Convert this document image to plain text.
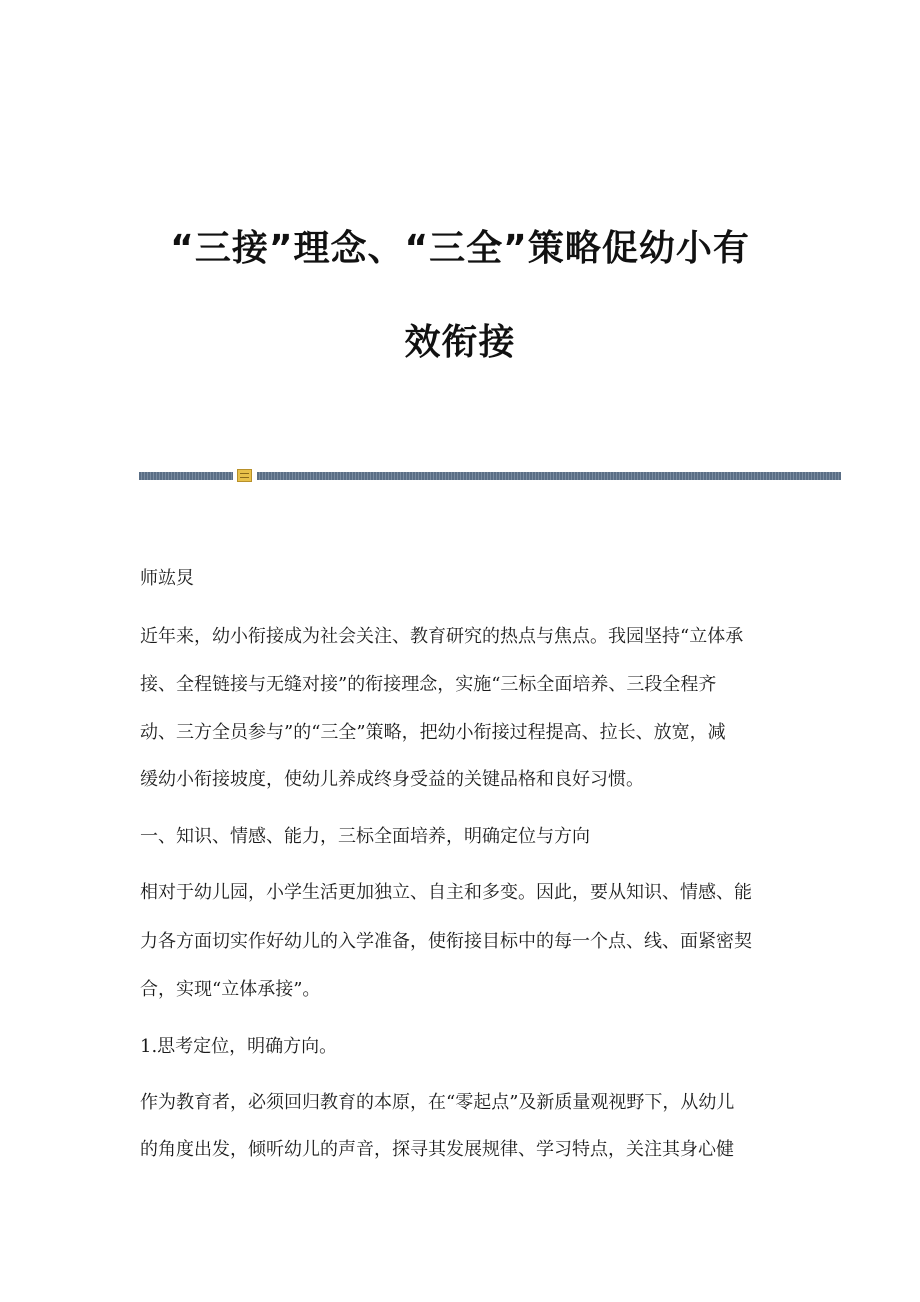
“三接”理念、“三全”策略促幼小有
效衔接
师竑炅
近年来，幼小衔接成为社会关注、教育研究的热点与焦点。我园坚持“立体承
接、全程链接与无缝对接”的衔接理念，实施“三标全面培养、三段全程齐
动、三方全员参与”的“三全”策略，把幼小衔接过程提高、拉长、放宽，减
缓幼小衔接坡度，使幼儿养成终身受益的关键品格和良好习惯。
一、知识、情感、能力，三标全面培养，明确定位与方向
相对于幼儿园，小学生活更加独立、自主和多变。因此，要从知识、情感、能
力各方面切实作好幼儿的入学准备，使衔接目标中的每一个点、线、面紧密契
合，实现“立体承接”。
1.思考定位，明确方向。
作为教育者，必须回归教育的本原，在“零起点”及新质量观视野下，从幼儿
的角度出发，倾听幼儿的声音，探寻其发展规律、学习特点，关注其身心健
